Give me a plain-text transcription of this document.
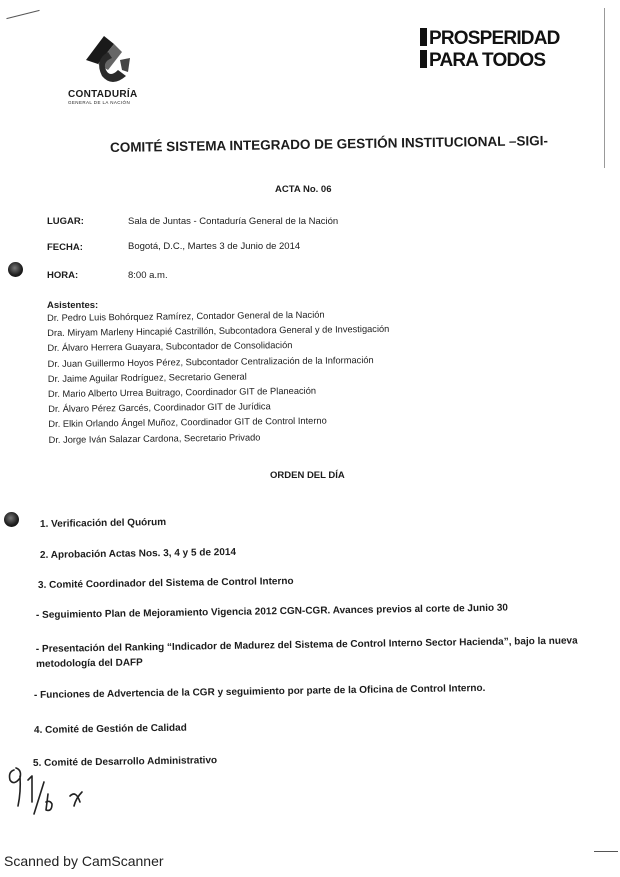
CONTADURÍA
GENERAL DE LA NACIÓN
PROSPERIDAD
PARA TODOS
COMITÉ SISTEMA INTEGRADO DE GESTIÓN INSTITUCIONAL –SIGI-
ACTA No. 06
LUGAR:	Sala de Juntas - Contaduría General de la Nación
FECHA:	Bogotá, D.C., Martes 3 de Junio de 2014
HORA:	8:00 a.m.
Asistentes:
Dr. Pedro Luis Bohórquez Ramírez, Contador General de la Nación
Dra. Miryam Marleny Hincapié Castrillón, Subcontadora General y de Investigación
Dr. Álvaro Herrera Guayara, Subcontador de Consolidación
Dr. Juan Guillermo Hoyos Pérez, Subcontador Centralización de la Información
Dr. Jaime Aguilar Rodríguez, Secretario General
Dr. Mario Alberto Urrea Buitrago, Coordinador GIT de Planeación
Dr. Álvaro Pérez Garcés, Coordinador GIT de Jurídica
Dr. Elkin Orlando Ángel Muñoz, Coordinador GIT de Control Interno
Dr. Jorge Iván Salazar Cardona, Secretario Privado
ORDEN DEL DÍA
1. Verificación del Quórum
2. Aprobación Actas Nos. 3, 4 y 5 de 2014
3. Comité Coordinador del Sistema de Control Interno
- Seguimiento Plan de Mejoramiento Vigencia 2012 CGN-CGR. Avances previos al corte de Junio 30
- Presentación del Ranking “Indicador de Madurez del Sistema de Control Interno Sector Hacienda”, bajo la nueva metodología del DAFP
- Funciones de Advertencia de la CGR y seguimiento por parte de la Oficina de Control Interno.
4. Comité de Gestión de Calidad
5. Comité de Desarrollo Administrativo
Scanned by CamScanner
